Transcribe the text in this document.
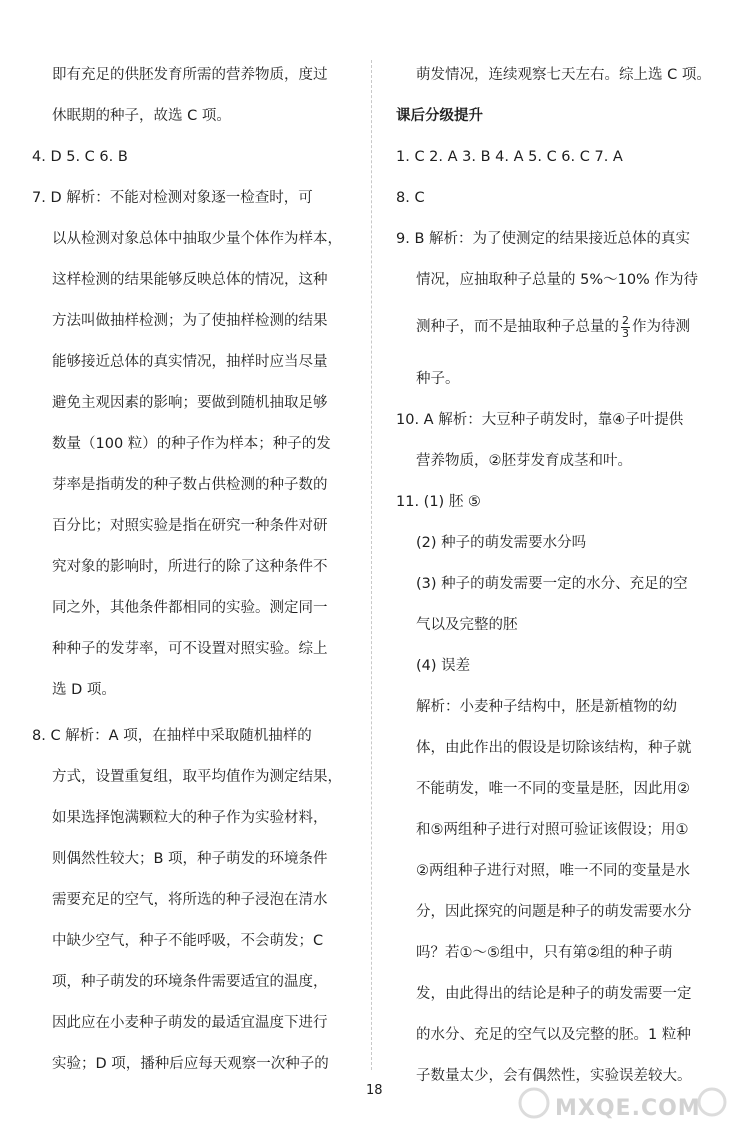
即有充足的供胚发育所需的营养物质，度过
休眠期的种子，故选 C 项。
4. D 5. C 6. B
7. D 解析：不能对检测对象逐一检查时，可
以从检测对象总体中抽取少量个体作为样本，
这样检测的结果能够反映总体的情况，这种
方法叫做抽样检测；为了使抽样检测的结果
能够接近总体的真实情况，抽样时应当尽量
避免主观因素的影响；要做到随机抽取足够
数量（100 粒）的种子作为样本；种子的发
芽率是指萌发的种子数占供检测的种子数的
百分比；对照实验是指在研究一种条件对研
究对象的影响时，所进行的除了这种条件不
同之外，其他条件都相同的实验。测定同一
种种子的发芽率，可不设置对照实验。综上
选 D 项。
8. C 解析：A 项，在抽样中采取随机抽样的
方式，设置重复组，取平均值作为测定结果，
如果选择饱满颗粒大的种子作为实验材料，
则偶然性较大；B 项，种子萌发的环境条件
需要充足的空气，将所选的种子浸泡在清水
中缺少空气，种子不能呼吸，不会萌发；C
项，种子萌发的环境条件需要适宜的温度，
因此应在小麦种子萌发的最适宜温度下进行
实验；D 项，播种后应每天观察一次种子的
萌发情况，连续观察七天左右。综上选 C 项。
课后分级提升
1. C 2. A 3. B 4. A 5. C 6. C 7. A
8. C
9. B 解析：为了使测定的结果接近总体的真实
情况，应抽取种子总量的 5%～10% 作为待
测种子，而不是抽取种子总量的 $\frac{2}{3}$ 作为待测
种子。
10. A 解析：大豆种子萌发时，靠④子叶提供
营养物质，②胚芽发育成茎和叶。
11. (1) 胚 ⑤
(2) 种子的萌发需要水分吗
(3) 种子的萌发需要一定的水分、充足的空
气以及完整的胚
(4) 误差
解析：小麦种子结构中，胚是新植物的幼
体，由此作出的假设是切除该结构，种子就
不能萌发，唯一不同的变量是胚，因此用②
和⑤两组种子进行对照可验证该假设；用①
②两组种子进行对照，唯一不同的变量是水
分，因此探究的问题是种子的萌发需要水分
吗？若①～⑤组中，只有第②组的种子萌
发，由此得出的结论是种子的萌发需要一定
的水分、充足的空气以及完整的胚。1 粒种
子数量太少，会有偶然性，实验误差较大。
18
MXQE.COM
